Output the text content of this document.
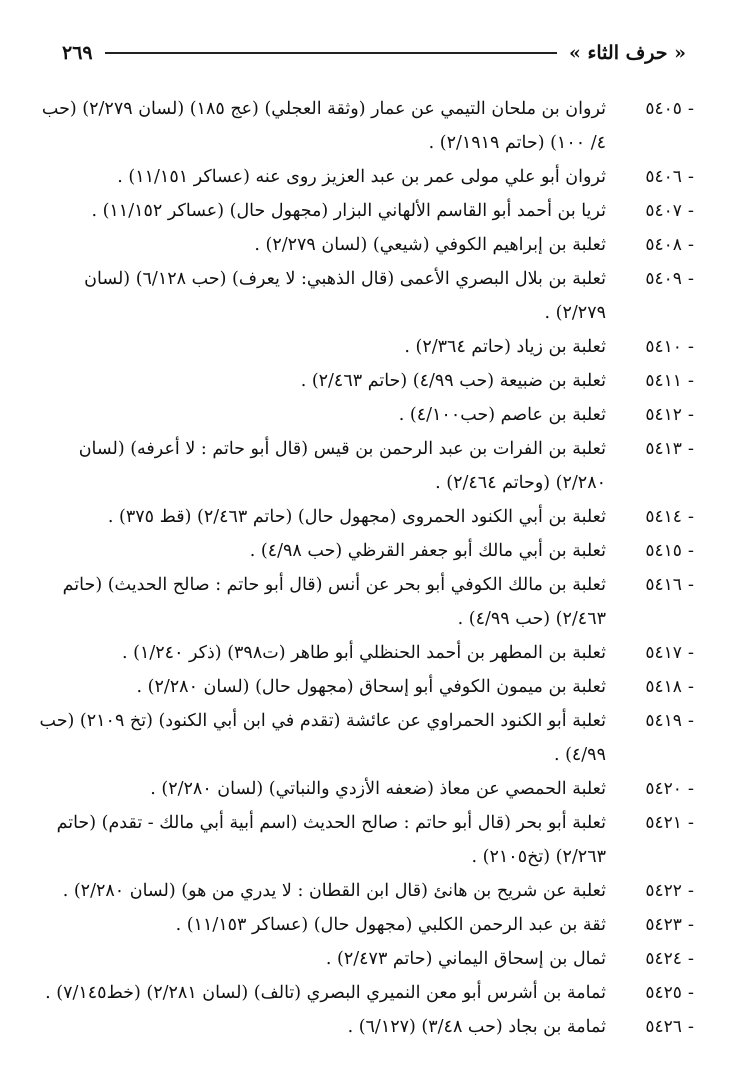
« حرف الثاء »
٢٦٩

٥٤٠٥ -
ثروان بن ملحان التيمي عن عمار (وثقة العجلي) (عج ١٨٥) (لسان ٢/٢٧٩) (حب ٤/ ١٠٠) (حاتم ٢/١٩١٩) .

٥٤٠٦ -
ثروان أبو علي مولى عمر بن عبد العزيز روى عنه (عساكر ١١/١٥١) .

٥٤٠٧ -
ثريا بن أحمد أبو القاسم الألهاني البزار (مجهول حال) (عساكر ١١/١٥٢) .

٥٤٠٨ -
ثعلبة بن إبراهيم الكوفي (شيعي) (لسان ٢/٢٧٩) .

٥٤٠٩ -
ثعلبة بن بلال البصري الأعمى (قال الذهبي: لا يعرف) (حب ٦/١٢٨) (لسان ٢/٢٧٩) .

٥٤١٠ -
ثعلبة بن زياد (حاتم ٢/٣٦٤) .

٥٤١١ -
ثعلبة بن ضبيعة (حب ٤/٩٩) (حاتم ٢/٤٦٣) .

٥٤١٢ -
ثعلبة بن عاصم (حب٤/١٠٠) .

٥٤١٣ -
ثعلبة بن الفرات بن عبد الرحمن بن قيس (قال أبو حاتم : لا أعرفه) (لسان ٢/٢٨٠) (وحاتم ٢/٤٦٤) .

٥٤١٤ -
ثعلبة بن أبي الكنود الحمروى (مجهول حال) (حاتم ٢/٤٦٣) (قط ٣٧٥) .

٥٤١٥ -
ثعلبة بن أبي مالك أبو جعفر القرظي (حب ٤/٩٨) .

٥٤١٦ -
ثعلبة بن مالك الكوفي أبو بحر عن أنس (قال أبو حاتم : صالح الحديث) (حاتم ٢/٤٦٣) (حب ٤/٩٩) .

٥٤١٧ -
ثعلبة بن المطهر بن أحمد الحنظلي أبو طاهر (ت٣٩٨) (ذكر ١/٢٤٠) .

٥٤١٨ -
ثعلبة بن ميمون الكوفي أبو إسحاق (مجهول حال) (لسان ٢/٢٨٠) .

٥٤١٩ -
ثعلبة أبو الكنود الحمراوي عن عائشة (تقدم في ابن أبي الكنود) (تخ ٢١٠٩) (حب ٤/٩٩) .

٥٤٢٠ -
ثعلبة الحمصي عن معاذ (ضعفه الأزدي والنباتي) (لسان ٢/٢٨٠) .

٥٤٢١ -
ثعلبة أبو بحر (قال أبو حاتم : صالح الحديث (اسم أبية أبي مالك - تقدم) (حاتم ٢/٢٦٣) (تخ٢١٠٥) .

٥٤٢٢ -
ثعلبة عن شريح بن هانئ (قال ابن القطان : لا يدري من هو) (لسان ٢/٢٨٠) .

٥٤٢٣ -
ثقة بن عبد الرحمن الكلبي (مجهول حال) (عساكر ١١/١٥٣) .

٥٤٢٤ -
ثمال بن إسحاق اليماني (حاتم ٢/٤٧٣) .

٥٤٢٥ -
ثمامة بن أشرس أبو معن النميري البصري (تالف) (لسان ٢/٢٨١) (خط٧/١٤٥) .

٥٤٢٦ -
ثمامة بن بجاد (حب ٣/٤٨) (٦/١٢٧) .
